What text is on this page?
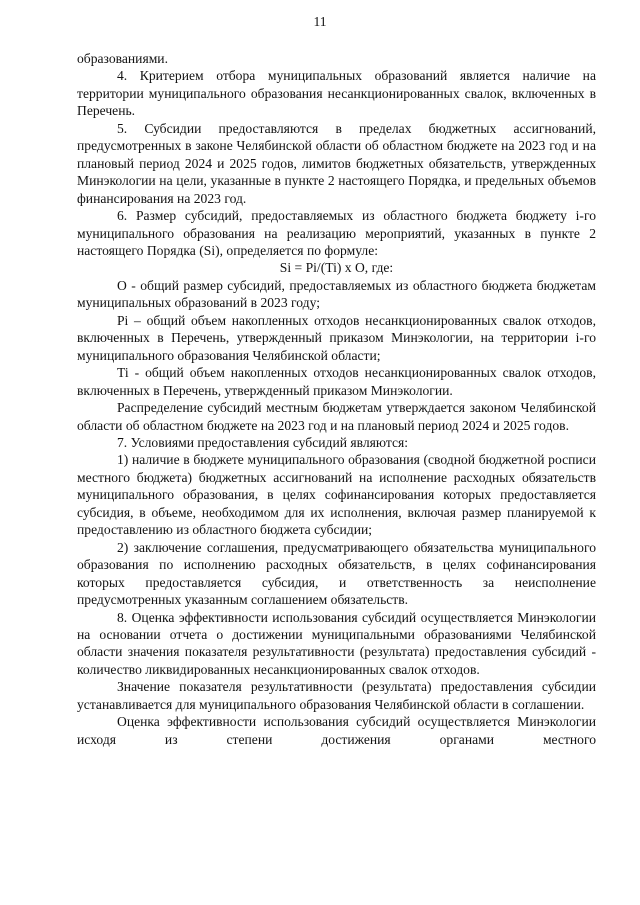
11

образованиями.

4. Критерием отбора муниципальных образований является наличие на территории муниципального образования несанкционированных свалок, включенных в Перечень.

5. Субсидии предоставляются в пределах бюджетных ассигнований, предусмотренных в законе Челябинской области об областном бюджете на 2023 год и на плановый период 2024 и 2025 годов, лимитов бюджетных обязательств, утвержденных Минэкологии на цели, указанные в пункте 2 настоящего Порядка, и предельных объемов финансирования на 2023 год.

6. Размер субсидий, предоставляемых из областного бюджета бюджету i-го муниципального образования на реализацию мероприятий, указанных в пункте 2 настоящего Порядка (Si), определяется по формуле:

Si = Pi/(Ti) x O, где:

O - общий размер субсидий, предоставляемых из областного бюджета бюджетам муниципальных образований в 2023 году;

Pi – общий объем накопленных отходов несанкционированных свалок отходов, включенных в Перечень, утвержденный приказом Минэкологии, на территории i-го муниципального образования Челябинской области;

Ti - общий объем накопленных отходов несанкционированных свалок отходов, включенных в Перечень, утвержденный приказом Минэкологии.

Распределение субсидий местным бюджетам утверждается законом Челябинской области об областном бюджете на 2023 год и на плановый период 2024 и 2025 годов.

7. Условиями предоставления субсидий являются:

1) наличие в бюджете муниципального образования (сводной бюджетной росписи местного бюджета) бюджетных ассигнований на исполнение расходных обязательств муниципального образования, в целях софинансирования которых предоставляется субсидия, в объеме, необходимом для их исполнения, включая размер планируемой к предоставлению из областного бюджета субсидии;

2) заключение соглашения, предусматривающего обязательства муниципального образования по исполнению расходных обязательств, в целях софинансирования которых предоставляется субсидия, и ответственность за неисполнение предусмотренных указанным соглашением обязательств.

8. Оценка эффективности использования субсидий осуществляется Минэкологии на основании отчета о достижении муниципальными образованиями Челябинской области значения показателя результативности (результата) предоставления субсидий - количество ликвидированных несанкционированных свалок отходов.

Значение показателя результативности (результата) предоставления субсидии устанавливается для муниципального образования Челябинской области в соглашении.

Оценка эффективности использования субсидий осуществляется Минэкологии исходя из степени достижения органами местного
